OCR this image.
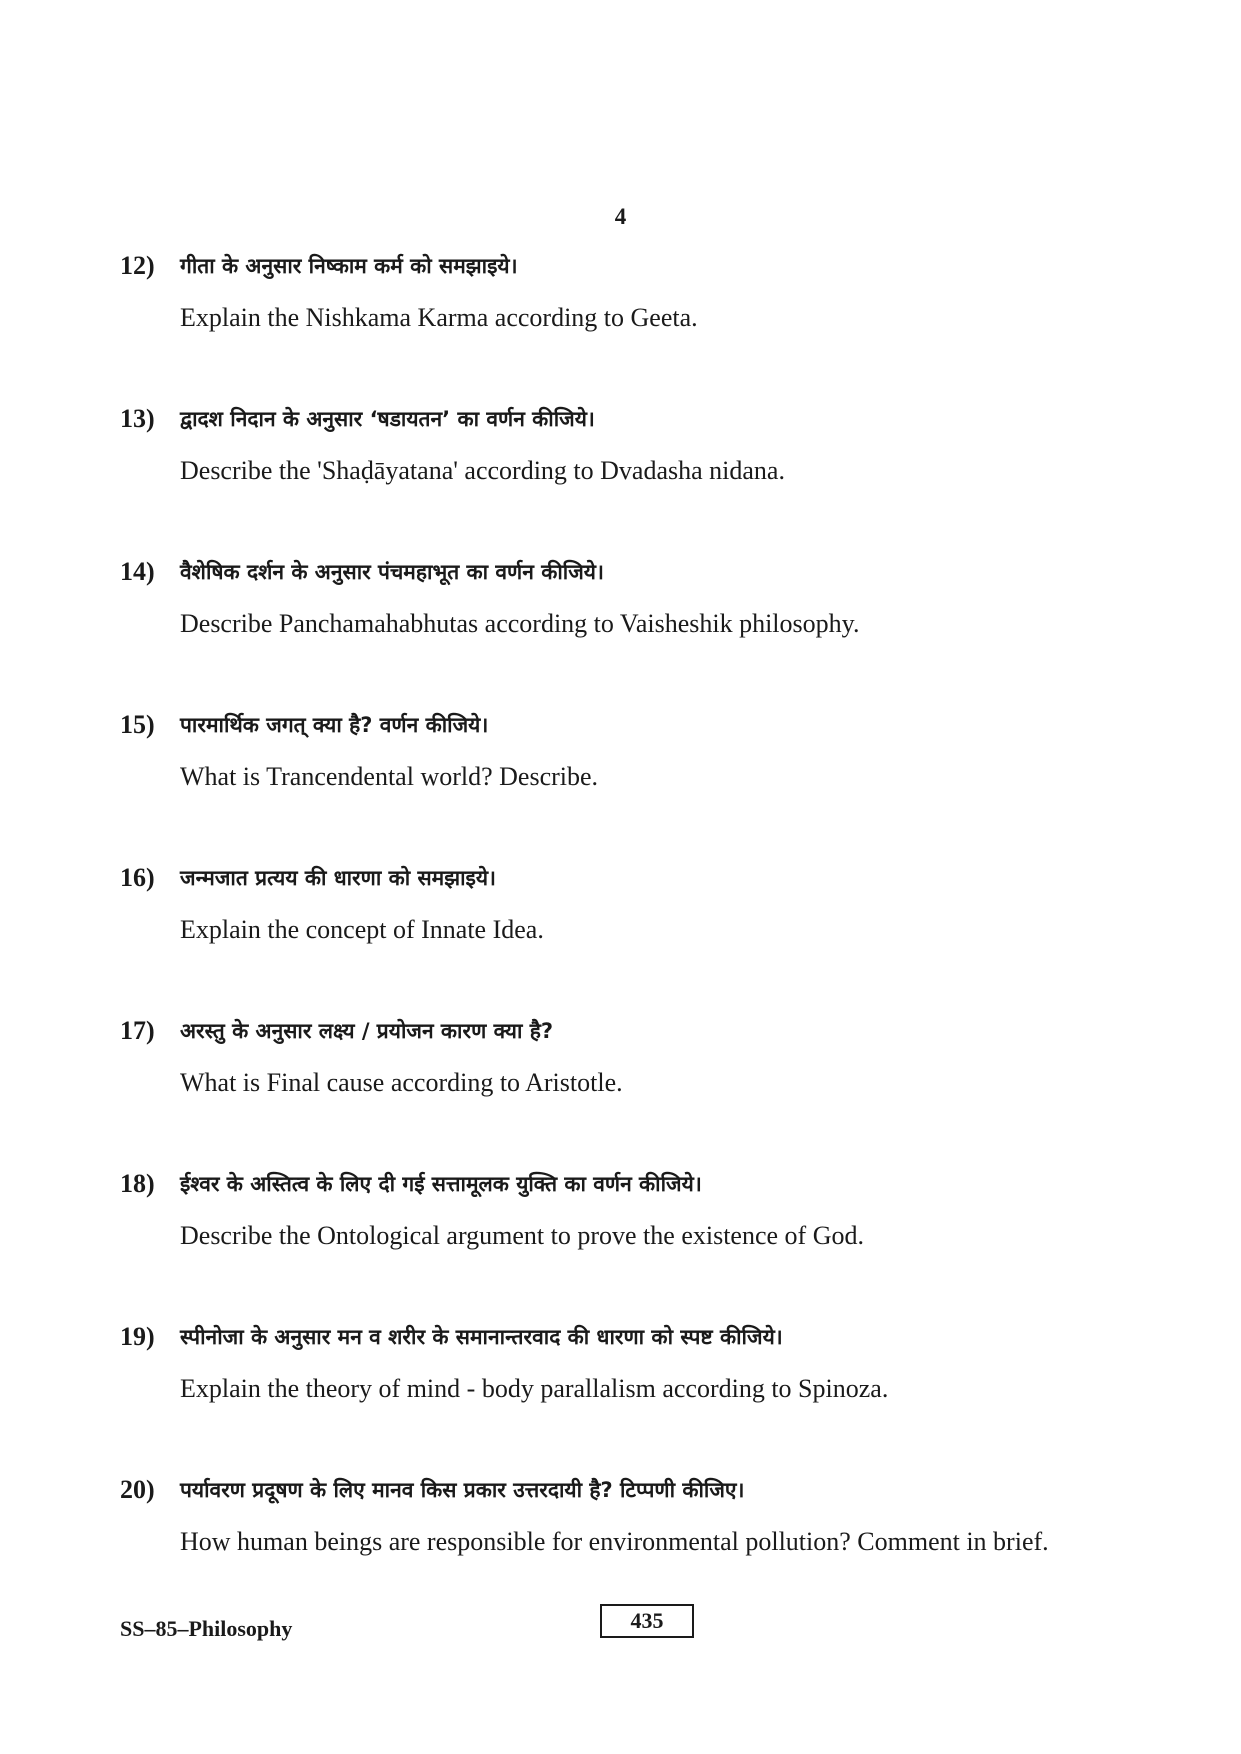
4
12) गीता के अनुसार निष्काम कर्म को समझाइये।
Explain the Nishkama Karma according to Geeta.
13) द्वादश निदान के अनुसार ‘षडायतन’ का वर्णन कीजिये।
Describe the 'Shaḍāyatana' according to Dvadasha nidana.
14) वैशेषिक दर्शन के अनुसार पंचमहाभूत का वर्णन कीजिये।
Describe Panchamahabhutas according to Vaisheshik philosophy.
15) पारमार्थिक जगत् क्या है? वर्णन कीजिये।
What is Trancendental world? Describe.
16) जन्मजात प्रत्यय की धारणा को समझाइये।
Explain the concept of Innate Idea.
17) अरस्तु के अनुसार लक्ष्य / प्रयोजन कारण क्या है?
What is Final cause according to Aristotle.
18) ईश्वर के अस्तित्व के लिए दी गई सत्तामूलक युक्ति का वर्णन कीजिये।
Describe the Ontological argument to prove the existence of God.
19) स्पीनोजा के अनुसार मन व शरीर के समानान्तरवाद की धारणा को स्पष्ट कीजिये।
Explain the theory of mind - body parallalism according to Spinoza.
20) पर्यावरण प्रदूषण के लिए मानव किस प्रकार उत्तरदायी है? टिप्पणी कीजिए।
How human beings are responsible for environmental pollution? Comment in brief.
SS–85–Philosophy	435
